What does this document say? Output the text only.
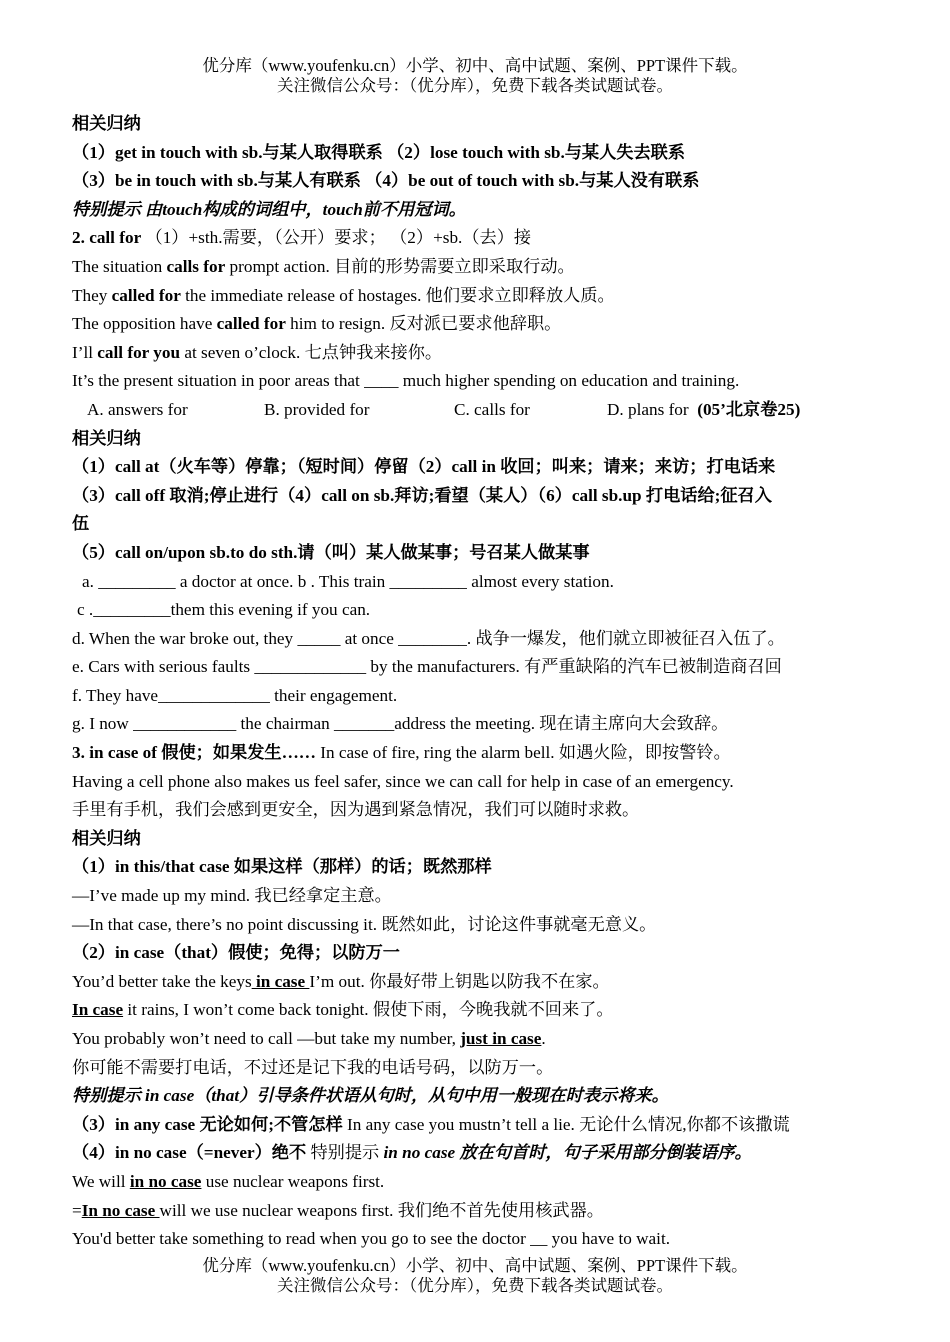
优分库（www.youfenku.cn）小学、初中、高中试题、案例、PPT课件下载。
关注微信公众号：（优分库），免费下载各类试题试卷。
相关归纳
（1）get in touch with sb.与某人取得联系 （2）lose touch with sb.与某人失去联系
（3）be in touch with sb.与某人有联系 （4）be out of touch with sb.与某人没有联系
特别提示 由touch构成的词组中，touch前不用冠词。
2. call for （1）+sth.需要，（公开）要求； （2）+sb.（去）接
The situation calls for prompt action. 目前的形势需要立即采取行动。
They called for the immediate release of hostages. 他们要求立即释放人质。
The opposition have called for him to resign. 反对派已要求他辞职。
I’ll call for you at seven o’clock. 七点钟我来接你。
It’s the present situation in poor areas that ____ much higher spending on education and training.
A. answers for	B. provided for	C. calls for	D. plans for (05’北京卷25)
相关归纳
（1）call at（火车等）停靠；（短时间）停留（2）call in 收回；叫来；请来；来访；打电话来
（3）call off 取消;停止进行（4）call on sb.拜访;看望（某人）（6）call sb.up 打电话给;征召入
伍
（5）call on/upon sb.to do sth.请（叫）某人做某事；号召某人做某事
a. _________ a doctor at once. b . This train _________ almost every station.
c ._________them this evening if you can.
d. When the war broke out, they _____ at once ________. 战争一爆发，他们就立即被征召入伍了。
e. Cars with serious faults _____________ by the manufacturers. 有严重缺陷的汽车已被制造商召回
f. They have_____________ their engagement.
g. I now ____________ the chairman _______address the meeting. 现在请主席向大会致辞。
3. in case of 假使；如果发生…… In case of fire, ring the alarm bell. 如遇火险，即按警铃。
Having a cell phone also makes us feel safer, since we can call for help in case of an emergency.
手里有手机，我们会感到更安全，因为遇到紧急情况，我们可以随时求救。
相关归纳
（1）in this/that case 如果这样（那样）的话；既然那样
—I’ve made up my mind. 我已经拿定主意。
—In that case, there’s no point discussing it. 既然如此，讨论这件事就毫无意义。
（2）in case（that）假使；免得；以防万一
You’d better take the keys in case I’m out. 你最好带上钥匙以防我不在家。
In case it rains, I won’t come back tonight. 假使下雨，今晚我就不回来了。
You probably won’t need to call —but take my number, just in case.
你可能不需要打电话，不过还是记下我的电话号码，以防万一。
特别提示 in case（that）引导条件状语从句时，从句中用一般现在时表示将来。
（3）in any case 无论如何;不管怎样 In any case you mustn’t tell a lie. 无论什么情况,你都不该撒谎
（4）in no case（=never）绝不 特别提示 in no case 放在句首时，句子采用部分倒装语序。
We will in no case use nuclear weapons first.
=In no case will we use nuclear weapons first. 我们绝不首先使用核武器。
You'd better take something to read when you go to see the doctor __ you have to wait.
优分库（www.youfenku.cn）小学、初中、高中试题、案例、PPT课件下载。
关注微信公众号：（优分库），免费下载各类试题试卷。
